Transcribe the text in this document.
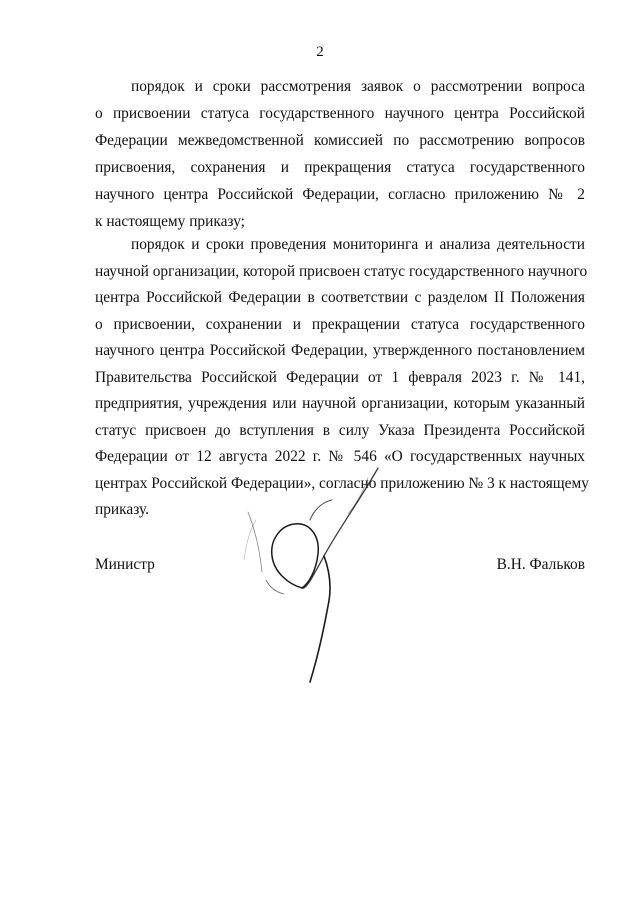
2
порядок и сроки рассмотрения заявок о рассмотрении вопроса
о присвоении статуса государственного научного центра Российской
Федерации межведомственной комиссией по рассмотрению вопросов
присвоения, сохранения и прекращения статуса государственного
научного центра Российской Федерации, согласно приложению № 2
к настоящему приказу;
порядок и сроки проведения мониторинга и анализа деятельности
научной организации, которой присвоен статус государственного научного
центра Российской Федерации в соответствии с разделом II Положения
о присвоении, сохранении и прекращении статуса государственного
научного центра Российской Федерации, утвержденного постановлением
Правительства Российской Федерации от 1 февраля 2023 г. № 141,
предприятия, учреждения или научной организации, которым указанный
статус присвоен до вступления в силу Указа Президента Российской
Федерации от 12 августа 2022 г. № 546 «О государственных научных
центрах Российской Федерации», согласно приложению № 3 к настоящему
приказу.
Министр	В.Н. Фальков
